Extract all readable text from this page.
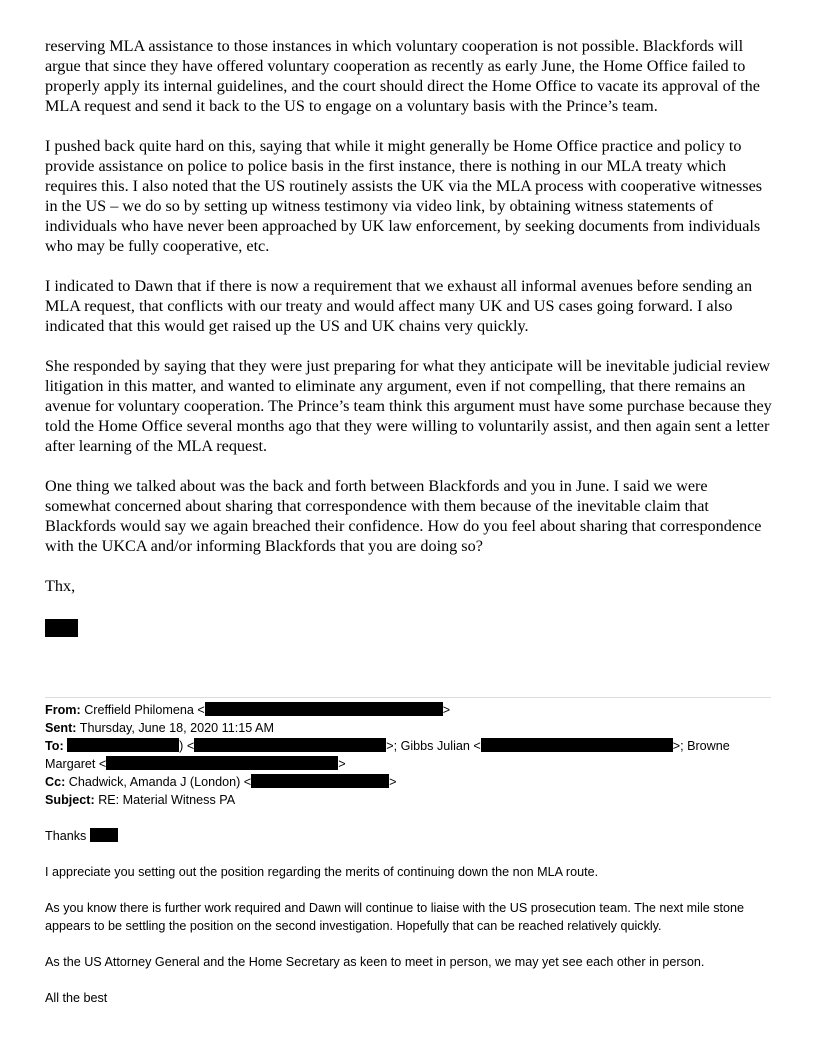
reserving MLA assistance to those instances in which voluntary cooperation is not possible. Blackfords will argue that since they have offered voluntary cooperation as recently as early June, the Home Office failed to properly apply its internal guidelines, and the court should direct the Home Office to vacate its approval of the MLA request and send it back to the US to engage on a voluntary basis with the Prince’s team.

I pushed back quite hard on this, saying that while it might generally be Home Office practice and policy to provide assistance on police to police basis in the first instance, there is nothing in our MLA treaty which requires this. I also noted that the US routinely assists the UK via the MLA process with cooperative witnesses in the US – we do so by setting up witness testimony via video link, by obtaining witness statements of individuals who have never been approached by UK law enforcement, by seeking documents from individuals who may be fully cooperative, etc.

I indicated to Dawn that if there is now a requirement that we exhaust all informal avenues before sending an MLA request, that conflicts with our treaty and would affect many UK and US cases going forward. I also indicated that this would get raised up the US and UK chains very quickly.

She responded by saying that they were just preparing for what they anticipate will be inevitable judicial review litigation in this matter, and wanted to eliminate any argument, even if not compelling, that there remains an avenue for voluntary cooperation. The Prince’s team think this argument must have some purchase because they told the Home Office several months ago that they were willing to voluntarily assist, and then again sent a letter after learning of the MLA request.

One thing we talked about was the back and forth between Blackfords and you in June. I said we were somewhat concerned about sharing that correspondence with them because of the inevitable claim that Blackfords would say we again breached their confidence. How do you feel about sharing that correspondence with the UKCA and/or informing Blackfords that you are doing so?

Thx,

From: Creffield Philomena <	>
Sent: Thursday, June 18, 2020 11:15 AM
To:	) <	>; Gibbs Julian <	>; Browne
Margaret <	>
Cc: Chadwick, Amanda J (London) <	>
Subject: RE: Material Witness PA

Thanks

I appreciate you setting out the position regarding the merits of continuing down the non MLA route.

As you know there is further work required and Dawn will continue to liaise with the US prosecution team. The next mile stone appears to be settling the position on the second investigation. Hopefully that can be reached relatively quickly.

As the US Attorney General and the Home Secretary as keen to meet in person, we may yet see each other in person.

All the best
